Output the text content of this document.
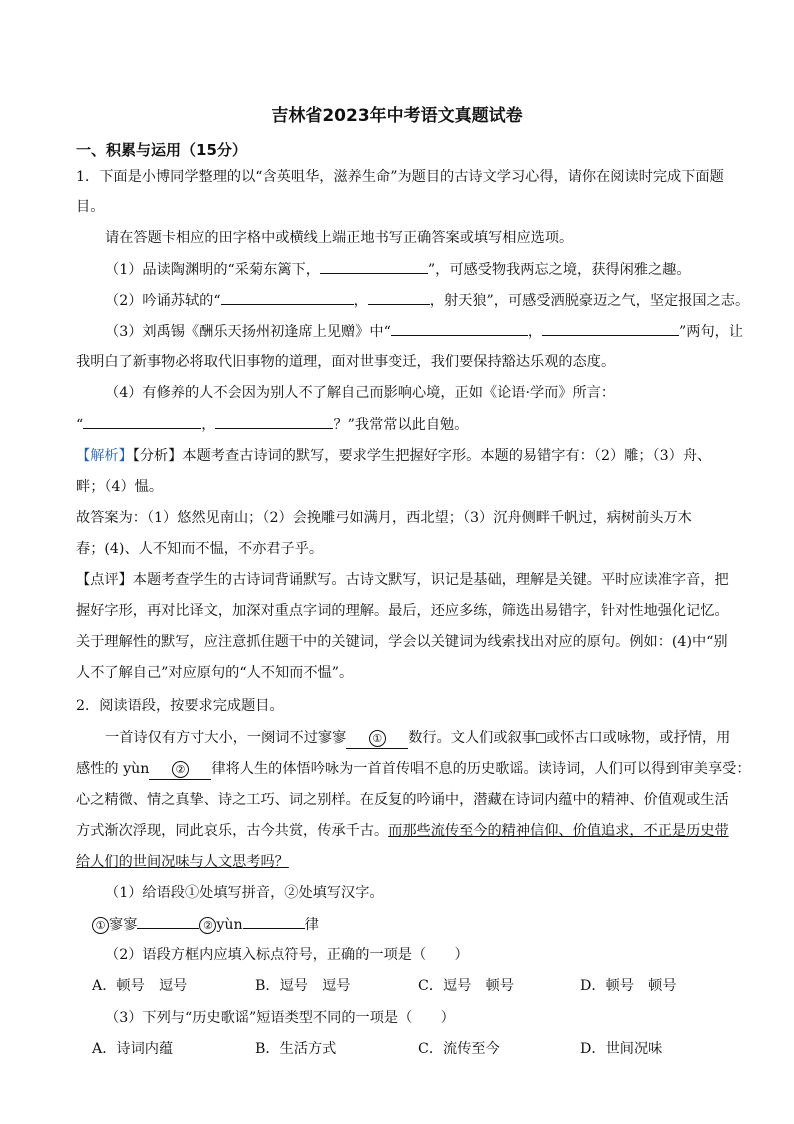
吉林省2023年中考语文真题试卷
一、积累与运用（15分）
1．下面是小博同学整理的以“含英咀华，滋养生命”为题目的古诗文学习心得，请你在阅读时完成下面题
目。
请在答题卡相应的田字格中或横线上端正地书写正确答案或填写相应选项。
（1）品读陶渊明的“采菊东篱下，	”，可感受物我两忘之境，获得闲雅之趣。
（2）吟诵苏轼的“	，	，射天狼”，可感受洒脱豪迈之气，坚定报国之志。
（3）刘禹锡《酬乐天扬州初逢席上见赠》中“	，	”两句，让
我明白了新事物必将取代旧事物的道理，面对世事变迁，我们要保持豁达乐观的态度。
（4）有修养的人不会因为别人不了解自己而影响心境，正如《论语·学而》所言：
“	，	？”我常常以此自勉。
【解析】【分析】本题考查古诗词的默写，要求学生把握好字形。本题的易错字有：（2）雕；（3）舟、
畔；（4）愠。
故答案为：（1）悠然见南山；（2）会挽雕弓如满月，西北望；（3）沉舟侧畔千帆过，病树前头万木
春；(4)、人不知而不愠，不亦君子乎。
【点评】本题考查学生的古诗词背诵默写。古诗文默写，识记是基础，理解是关键。平时应读准字音，把
握好字形，再对比译文，加深对重点字词的理解。最后，还应多练，筛选出易错字，针对性地强化记忆。
关于理解性的默写，应注意抓住题干中的关键词，学会以关键词为线索找出对应的原句。例如：(4)中“别
人不了解自己”对应原句的“人不知而不愠”。
2．阅读语段，按要求完成题目。
一首诗仅有方寸大小，一阕词不过寥寥 ① 数行。文人们或叙事 或怀古口或咏物，或抒情，用
感性的 yùn ② 律将人生的体悟吟咏为一首首传唱不息的历史歌谣。读诗词，人们可以得到审美享受：
心之精微、情之真挚、诗之工巧、词之别样。在反复的吟诵中，潜藏在诗词内蕴中的精神、价值观或生活
方式渐次浮现，同此哀乐，古今共赏，传承千古。而那些流传至今的精神信仰、价值追求，不正是历史带
给人们的世间况味与人文思考吗？
（1）给语段①处填写拼音，②处填写汉字。
① 寥寥	② yùn	律
（2）语段方框内应填入标点符号，正确的一项是（　　）
A．顿号　逗号	B．逗号　逗号	C．逗号　顿号	D．顿号　顿号
（3）下列与“历史歌谣”短语类型不同的一项是（　　）
A．诗词内蕴	B．生活方式	C．流传至今	D．世间况味
